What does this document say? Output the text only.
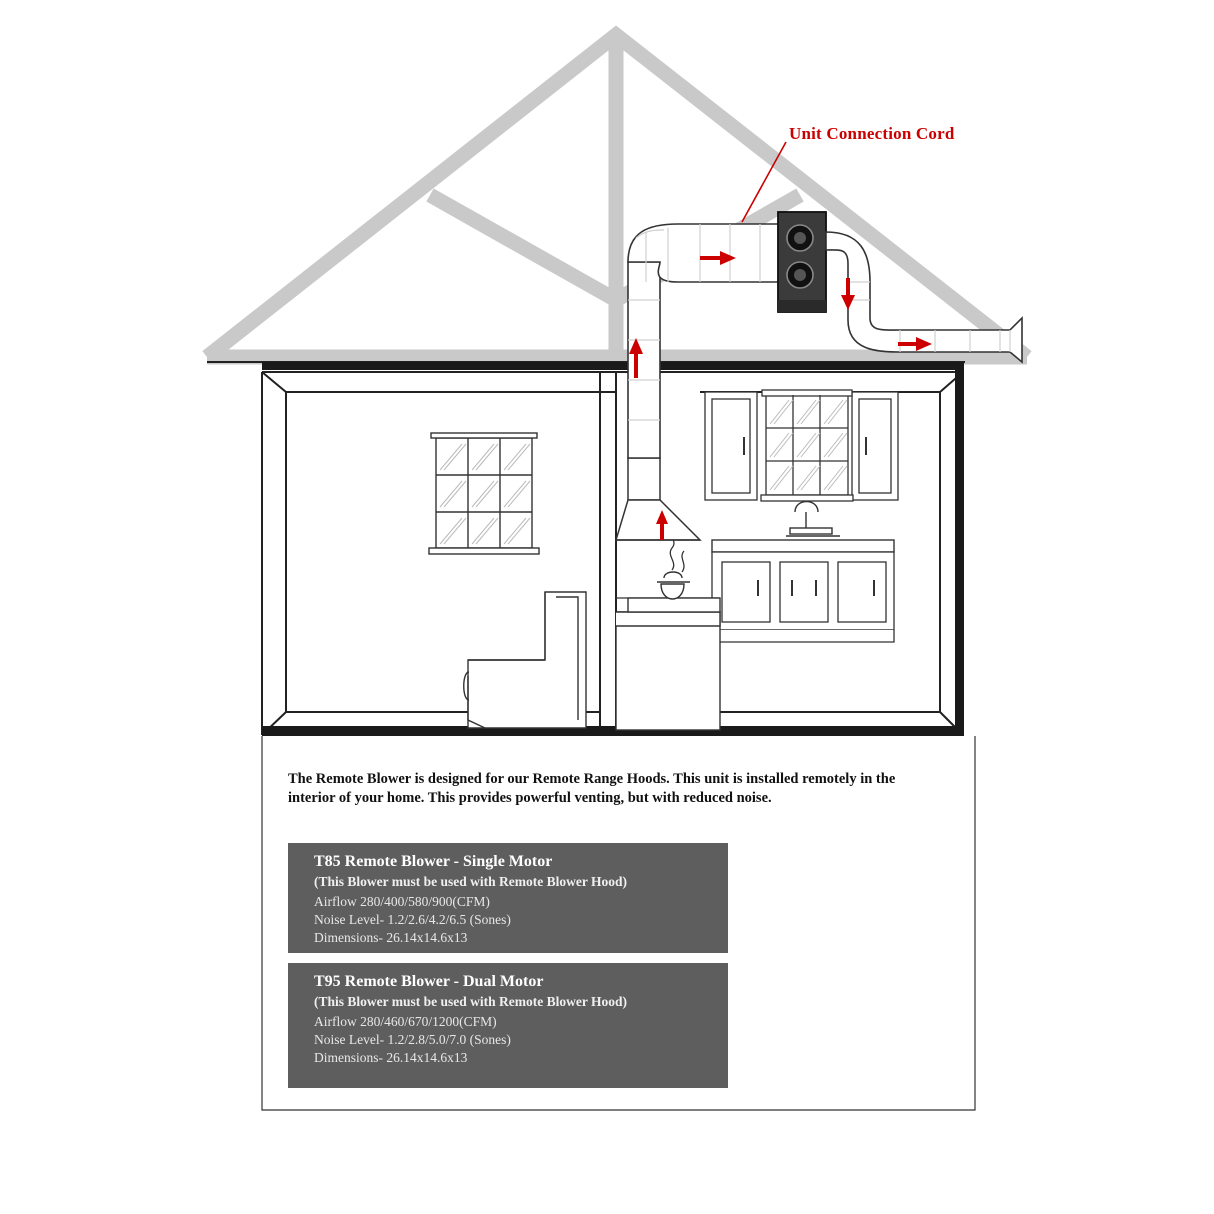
Unit Connection Cord
The Remote Blower is designed for our Remote Range Hoods. This unit is installed remotely in the interior of your home. This provides powerful venting, but with reduced noise.
T85 Remote Blower - Single Motor
(This Blower must be used with Remote Blower Hood)
Airflow 280/400/580/900(CFM)
Noise Level- 1.2/2.6/4.2/6.5 (Sones)
Dimensions- 26.14x14.6x13
T95 Remote Blower - Dual Motor
(This Blower must be used with Remote Blower Hood)
Airflow 280/460/670/1200(CFM)
Noise Level- 1.2/2.8/5.0/7.0 (Sones)
Dimensions- 26.14x14.6x13
